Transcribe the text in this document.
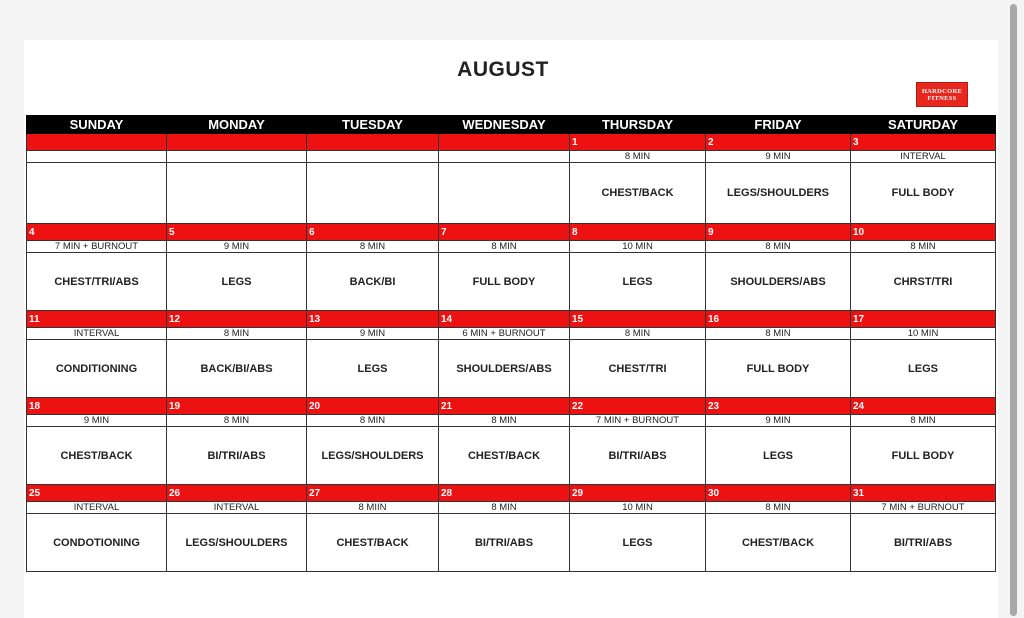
AUGUST
HARDCORE
FITNESS
SUNDAY	MONDAY	TUESDAY	WEDNESDAY	THURSDAY	FRIDAY	SATURDAY
				1	2	3
				8 MIN	9 MIN	INTERVAL
				CHEST/BACK	LEGS/SHOULDERS	FULL BODY
4	5	6	7	8	9	10
7 MIN + BURNOUT	9 MIN	8 MIN	8 MIN	10 MIN	8 MIN	8 MIN
CHEST/TRI/ABS	LEGS	BACK/BI	FULL BODY	LEGS	SHOULDERS/ABS	CHRST/TRI
11	12	13	14	15	16	17
INTERVAL	8 MIN	9 MIN	6 MIN + BURNOUT	8 MIN	8 MIN	10 MIN
CONDITIONING	BACK/BI/ABS	LEGS	SHOULDERS/ABS	CHEST/TRI	FULL BODY	LEGS
18	19	20	21	22	23	24
9 MIN	8 MIN	8 MIN	8 MIN	7 MIN + BURNOUT	9 MIN	8 MIN
CHEST/BACK	BI/TRI/ABS	LEGS/SHOULDERS	CHEST/BACK	BI/TRI/ABS	LEGS	FULL BODY
25	26	27	28	29	30	31
INTERVAL	INTERVAL	8 MIIN	8 MIN	10 MIN	8 MIN	7 MIN + BURNOUT
CONDOTIONING	LEGS/SHOULDERS	CHEST/BACK	BI/TRI/ABS	LEGS	CHEST/BACK	BI/TRI/ABS
